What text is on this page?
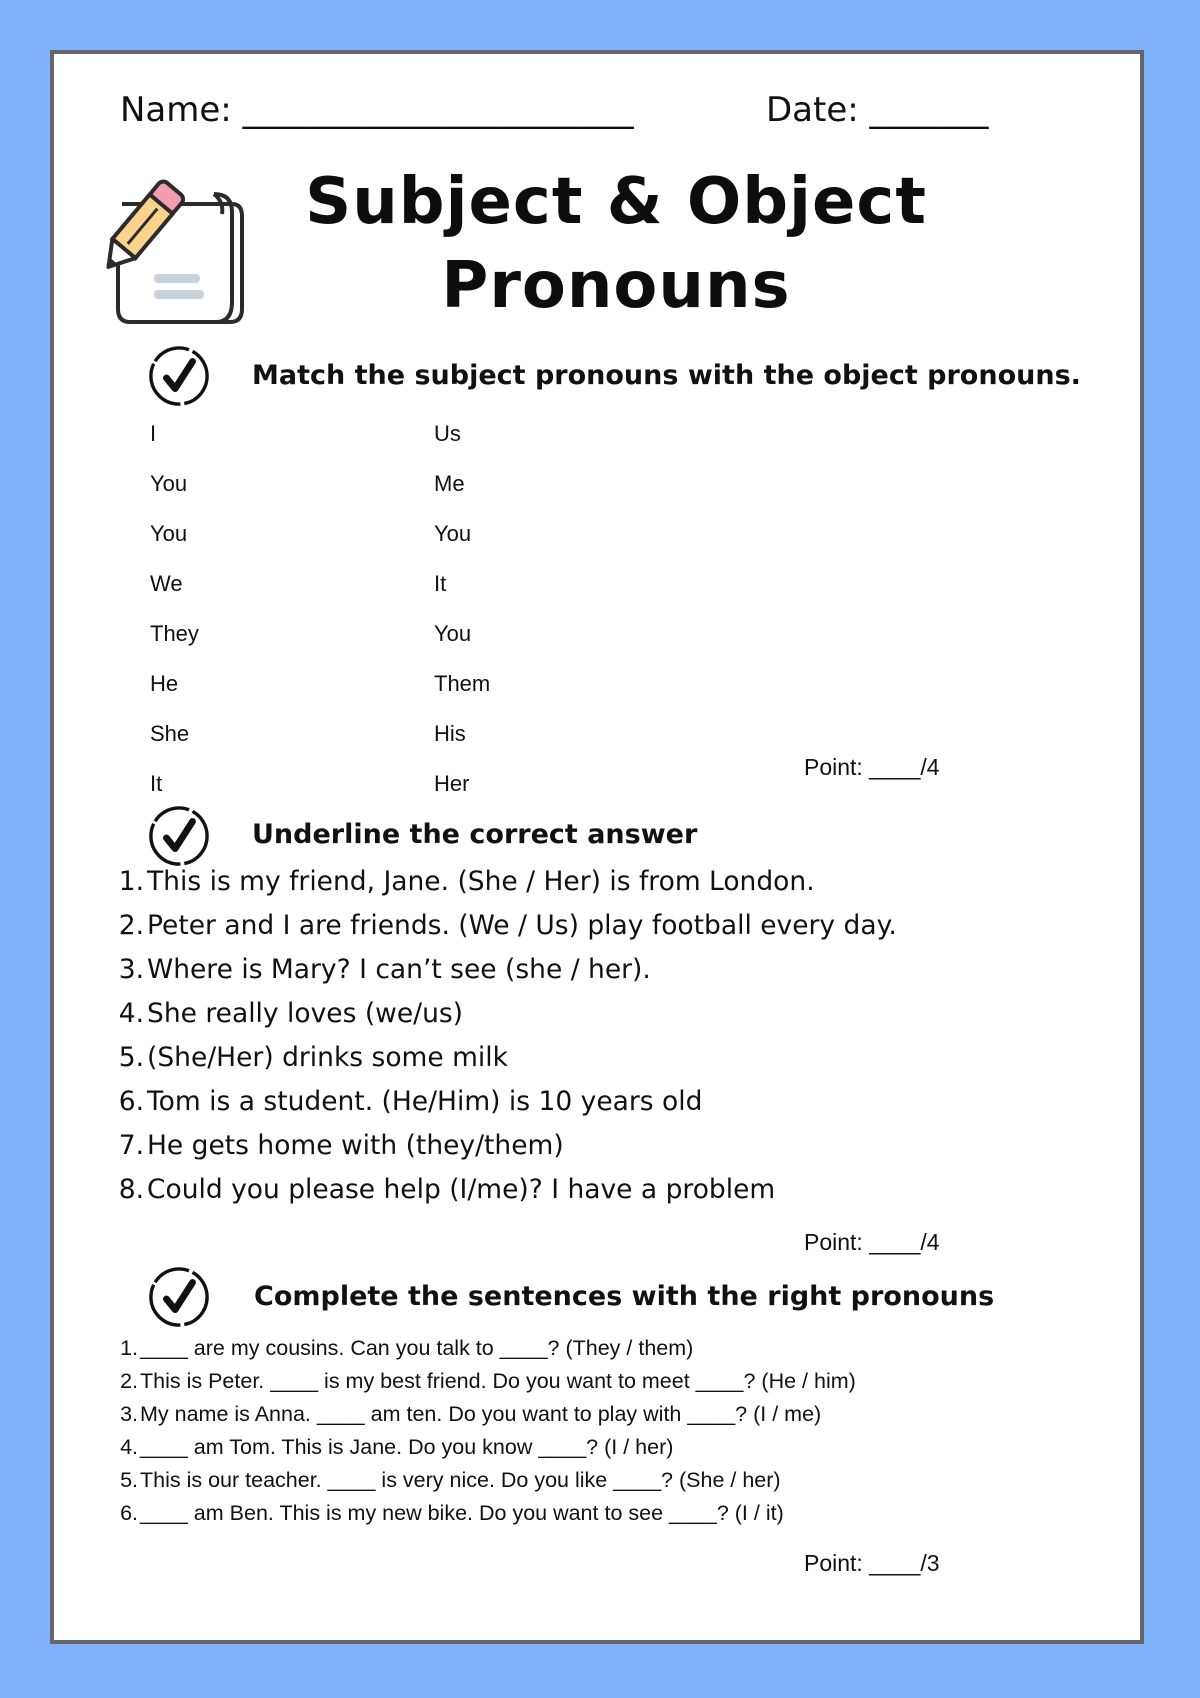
Name: _______________________	Date: _______
Subject & Object
Pronouns
Match the subject pronouns with the object pronouns.
I
You
You
We
They
He
She
It
Us
Me
You
It
You
Them
His
Her
Point: ____/4
Underline the correct answer
1. This is my friend, Jane. (She / Her) is from London.
2. Peter and I are friends. (We / Us) play football every day.
3. Where is Mary? I can’t see (she / her).
4. She really loves (we/us)
5. (She/Her) drinks some milk
6. Tom is a student. (He/Him) is 10 years old
7. He gets home with (they/them)
8. Could you please help (I/me)? I have a problem
Point: ____/4
Complete the sentences with the right pronouns
1. ____ are my cousins. Can you talk to ____? (They / them)
2. This is Peter. ____ is my best friend. Do you want to meet ____? (He / him)
3. My name is Anna. ____ am ten. Do you want to play with ____? (I / me)
4. ____ am Tom. This is Jane. Do you know ____? (I / her)
5. This is our teacher. ____ is very nice. Do you like ____? (She / her)
6. ____ am Ben. This is my new bike. Do you want to see ____? (I / it)
Point: ____/3
